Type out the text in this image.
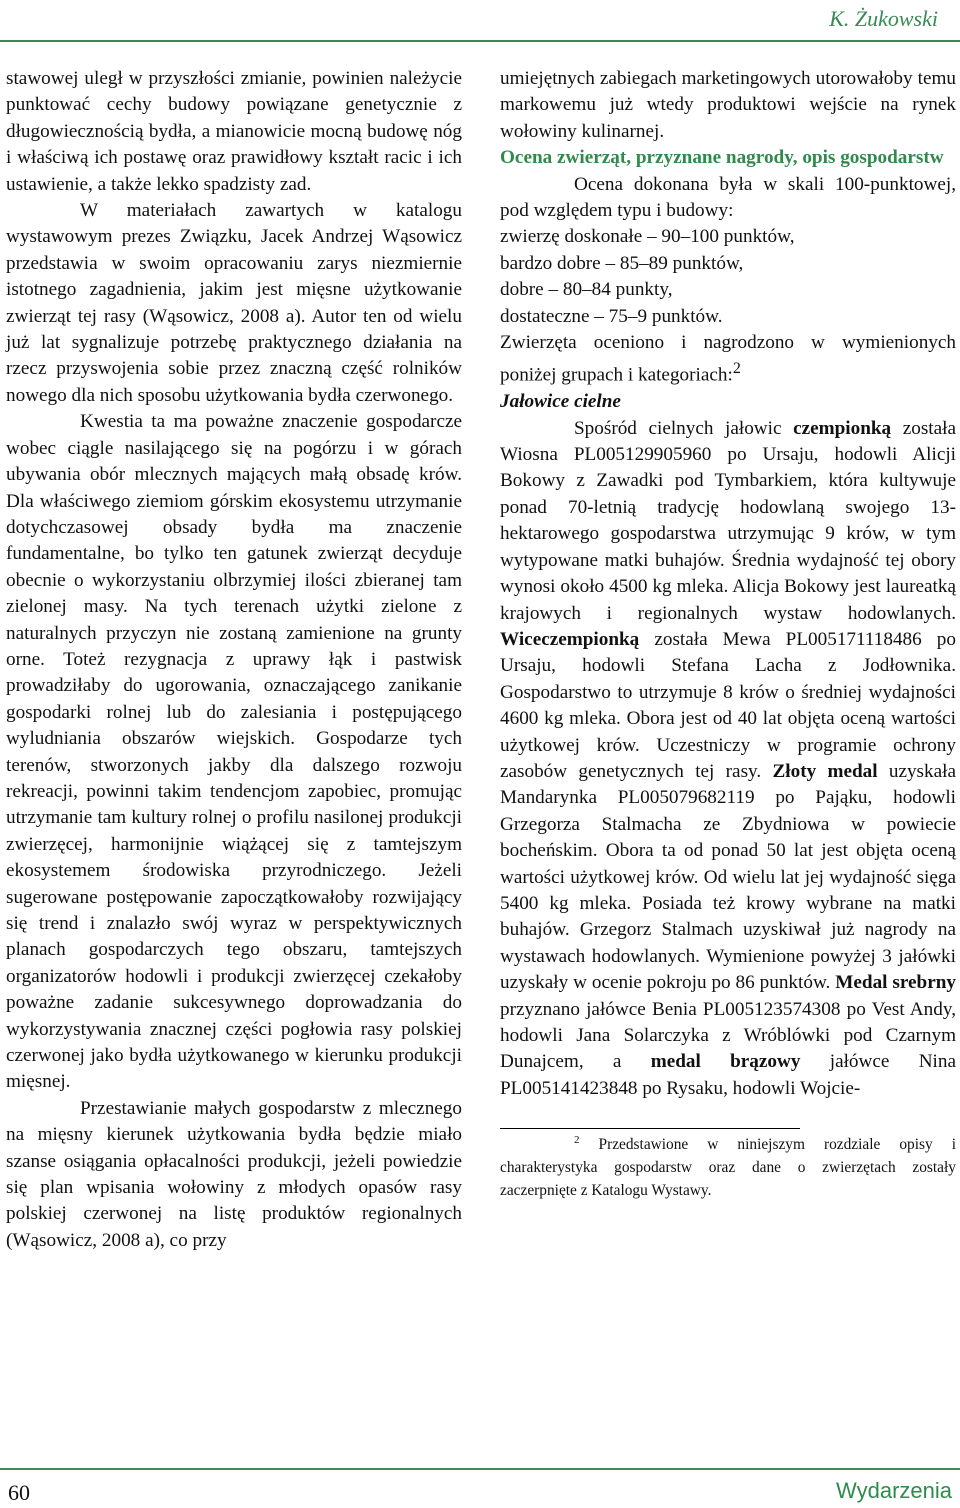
K. Żukowski

stawowej uległ w przyszłości zmianie, powinien należycie punktować cechy budowy powiązane genetycznie z długowiecznością bydła, a mianowicie mocną budowę nóg i właściwą ich postawę oraz prawidłowy kształt racic i ich ustawienie, a także lekko spadzisty zad.

W materiałach zawartych w katalogu wystawowym prezes Związku, Jacek Andrzej Wąsowicz przedstawia w swoim opracowaniu zarys niezmiernie istotnego zagadnienia, jakim jest mięsne użytkowanie zwierząt tej rasy (Wąsowicz, 2008 a). Autor ten od wielu już lat sygnalizuje potrzebę praktycznego działania na rzecz przyswojenia sobie przez znaczną część rolników nowego dla nich sposobu użytkowania bydła czerwonego.

Kwestia ta ma poważne znaczenie gospodarcze wobec ciągle nasilającego się na pogórzu i w górach ubywania obór mlecznych mających małą obsadę krów. Dla właściwego ziemiom górskim ekosystemu utrzymanie dotychczasowej obsady bydła ma znaczenie fundamentalne, bo tylko ten gatunek zwierząt decyduje obecnie o wykorzystaniu olbrzymiej ilości zbieranej tam zielonej masy. Na tych terenach użytki zielone z naturalnych przyczyn nie zostaną zamienione na grunty orne. Toteż rezygnacja z uprawy łąk i pastwisk prowadziłaby do ugorowania, oznaczającego zanikanie gospodarki rolnej lub do zalesiania i postępującego wyludniania obszarów wiejskich. Gospodarze tych terenów, stworzonych jakby dla dalszego rozwoju rekreacji, powinni takim tendencjom zapobiec, promując utrzymanie tam kultury rolnej o profilu nasilonej produkcji zwierzęcej, harmonijnie wiążącej się z tamtejszym ekosystemem środowiska przyrodniczego. Jeżeli sugerowane postępowanie zapoczątkowałoby rozwijający się trend i znalazło swój wyraz w perspektywicznych planach gospodarczych tego obszaru, tamtejszych organizatorów hodowli i produkcji zwierzęcej czekałoby poważne zadanie sukcesywnego doprowadzania do wykorzystywania znacznej części pogłowia rasy polskiej czerwonej jako bydła użytkowanego w kierunku produkcji mięsnej.

Przestawianie małych gospodarstw z mlecznego na mięsny kierunek użytkowania bydła będzie miało szanse osiągania opłacalności produkcji, jeżeli powiedzie się plan wpisania wołowiny z młodych opasów rasy polskiej czerwonej na listę produktów regionalnych (Wąsowicz, 2008 a), co przy

umiejętnych zabiegach marketingowych utorowałoby temu markowemu już wtedy produktowi wejście na rynek wołowiny kulinarnej.

Ocena zwierząt, przyznane nagrody, opis gospodarstw

Ocena dokonana była w skali 100-punktowej, pod względem typu i budowy:

zwierzę doskonałe – 90–100 punktów,
bardzo dobre – 85–89 punktów,
dobre – 80–84 punkty,
dostateczne – 75–9 punktów.

Zwierzęta oceniono i nagrodzono w wymienionych poniżej grupach i kategoriach:$^2$

Jałowice cielne

Spośród cielnych jałowic czempionką została Wiosna PL005129905960 po Ursaju, hodowli Alicji Bokowy z Zawadki pod Tymbarkiem, która kultywuje ponad 70-letnią tradycję hodowlaną swojego 13-hektarowego gospodarstwa utrzymując 9 krów, w tym wytypowane matki buhajów. Średnia wydajność tej obory wynosi około 4500 kg mleka. Alicja Bokowy jest laureatką krajowych i regionalnych wystaw hodowlanych. Wiceczempionką została Mewa PL005171118486 po Ursaju, hodowli Stefana Lacha z Jodłownika. Gospodarstwo to utrzymuje 8 krów o średniej wydajności 4600 kg mleka. Obora jest od 40 lat objęta oceną wartości użytkowej krów. Uczestniczy w programie ochrony zasobów genetycznych tej rasy. Złoty medal uzyskała Mandarynka PL005079682119 po Pająku, hodowli Grzegorza Stalmacha ze Zbydniowa w powiecie bocheńskim. Obora ta od ponad 50 lat jest objęta oceną wartości użytkowej krów. Od wielu lat jej wydajność sięga 5400 kg mleka. Posiada też krowy wybrane na matki buhajów. Grzegorz Stalmach uzyskiwał już nagrody na wystawach hodowlanych. Wymienione powyżej 3 jałówki uzyskały w ocenie pokroju po 86 punktów. Medal srebrny przyznano jałówce Benia PL005123574308 po Vest Andy, hodowli Jana Solarczyka z Wróblówki pod Czarnym Dunajcem, a medal brązowy jałówce Nina PL005141423848 po Rysaku, hodowli Wojcie-

$^2$ Przedstawione w niniejszym rozdziale opisy i charakterystyka gospodarstw oraz dane o zwierzętach zostały zaczerpnięte z Katalogu Wystawy.

60	Wydarzenia
